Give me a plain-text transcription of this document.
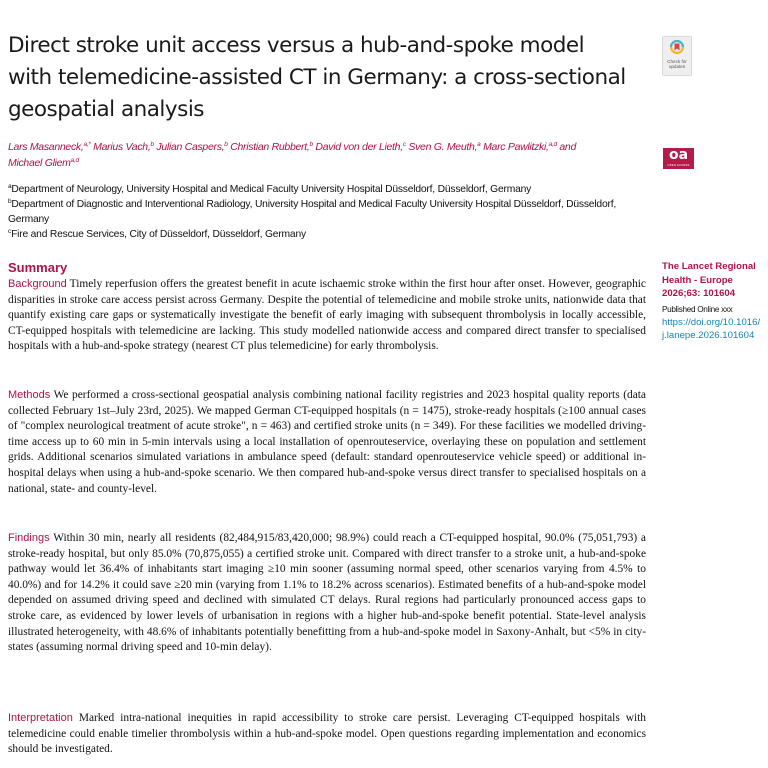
Direct stroke unit access versus a hub-and-spoke model with telemedicine-assisted CT in Germany: a cross-sectional geospatial analysis
Check for updates
Lars Masanneck,$^{a,*}$ Marius Vach,$^b$ Julian Caspers,$^b$ Christian Rubbert,$^b$ David von der Lieth,$^c$ Sven G. Meuth,$^a$ Marc Pawlitzki,$^{a,d}$ and
Michael Gliem$^{a,d}$	oa
OPEN ACCESS

$^a$Department of Neurology, University Hospital and Medical Faculty University Hospital Düsseldorf, Düsseldorf, Germany

$^b$Department of Diagnostic and Interventional Radiology, University Hospital and Medical Faculty University Hospital Düsseldorf, Düsseldorf, Germany

$^c$Fire and Rescue Services, City of Düsseldorf, Düsseldorf, Germany

Summary

Background Timely reperfusion offers the greatest benefit in acute ischaemic stroke within the first hour after onset. However, geographic disparities in stroke care access persist across Germany. Despite the potential of telemedicine and mobile stroke units, nationwide data that quantify existing care gaps or systematically investigate the benefit of early imaging with subsequent thrombolysis in locally accessible, CT-equipped hospitals with telemedicine are lacking. This study modelled nationwide access and compared direct transfer to specialised hospitals with a hub-and-spoke strategy (nearest CT plus telemedicine) for early thrombolysis.

Methods We performed a cross-sectional geospatial analysis combining national facility registries and 2023 hospital quality reports (data collected February 1st–July 23rd, 2025). We mapped German CT-equipped hospitals (n = 1475), stroke-ready hospitals (≥100 annual cases of "complex neurological treatment of acute stroke", n = 463) and certified stroke units (n = 349). For these facilities we modelled driving-time access up to 60 min in 5-min intervals using a local installation of openrouteservice, overlaying these on population and settlement grids. Additional scenarios simulated variations in ambulance speed (default: standard openrouteservice vehicle speed) or additional in-hospital delays when using a hub-and-spoke scenario. We then compared hub-and-spoke versus direct transfer to specialised hospitals on a national, state- and county-level.

Findings Within 30 min, nearly all residents (82,484,915/83,420,000; 98.9%) could reach a CT-equipped hospital, 90.0% (75,051,793) a stroke-ready hospital, but only 85.0% (70,875,055) a certified stroke unit. Compared with direct transfer to a stroke unit, a hub-and-spoke pathway would let 36.4% of inhabitants start imaging ≥10 min sooner (assuming normal speed, other scenarios varying from 4.5% to 40.0%) and for 14.2% it could save ≥20 min (varying from 1.1% to 18.2% across scenarios). Estimated benefits of a hub-and-spoke model depended on assumed driving speed and declined with simulated CT delays. Rural regions had particularly pronounced access gaps to stroke care, as evidenced by lower levels of urbanisation in regions with a higher hub-and-spoke benefit potential. State-level analysis illustrated heterogeneity, with 48.6% of inhabitants potentially benefitting from a hub-and-spoke model in Saxony-Anhalt, but <5% in city-states (assuming normal driving speed and 10-min delay).

Interpretation Marked intra-national inequities in rapid accessibility to stroke care persist. Leveraging CT-equipped hospitals with telemedicine could enable timelier thrombolysis within a hub-and-spoke model. Open questions regarding implementation and economics should be investigated.

The Lancet Regional Health - Europe 2026;63: 101604

Published Online xxx

https://doi.org/10.1016/j.lanepe.2026.101604
